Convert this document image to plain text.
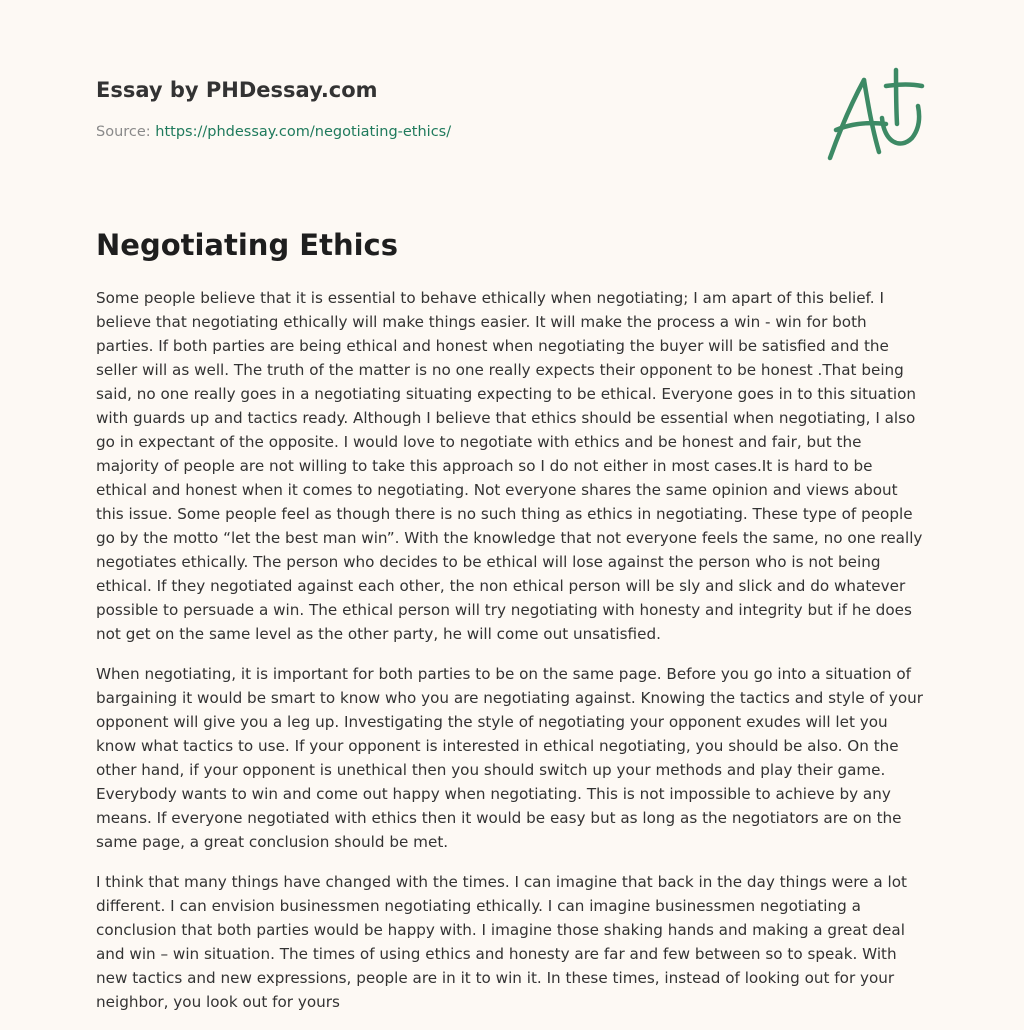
Essay by PHDessay.com
Source: https://phdessay.com/negotiating-ethics/
Negotiating Ethics

Some people believe that it is essential to behave ethically when negotiating; I am apart of this belief. I believe that negotiating ethically will make things easier. It will make the process a win - win for both parties. If both parties are being ethical and honest when negotiating the buyer will be satisfied and the seller will as well. The truth of the matter is no one really expects their opponent to be honest .That being said, no one really goes in a negotiating situating expecting to be ethical. Everyone goes in to this situation with guards up and tactics ready. Although I believe that ethics should be essential when negotiating, I also go in expectant of the opposite. I would love to negotiate with ethics and be honest and fair, but the majority of people are not willing to take this approach so I do not either in most cases.It is hard to be ethical and honest when it comes to negotiating. Not everyone shares the same opinion and views about this issue. Some people feel as though there is no such thing as ethics in negotiating. These type of people go by the motto “let the best man win”. With the knowledge that not everyone feels the same, no one really negotiates ethically. The person who decides to be ethical will lose against the person who is not being ethical. If they negotiated against each other, the non ethical person will be sly and slick and do whatever possible to persuade a win. The ethical person will try negotiating with honesty and integrity but if he does not get on the same level as the other party, he will come out unsatisfied.

When negotiating, it is important for both parties to be on the same page. Before you go into a situation of bargaining it would be smart to know who you are negotiating against. Knowing the tactics and style of your opponent will give you a leg up. Investigating the style of negotiating your opponent exudes will let you know what tactics to use. If your opponent is interested in ethical negotiating, you should be also. On the other hand, if your opponent is unethical then you should switch up your methods and play their game. Everybody wants to win and come out happy when negotiating. This is not impossible to achieve by any means. If everyone negotiated with ethics then it would be easy but as long as the negotiators are on the same page, a great conclusion should be met.

I think that many things have changed with the times. I can imagine that back in the day things were a lot different. I can envision businessmen negotiating ethically. I can imagine businessmen negotiating a conclusion that both parties would be happy with. I imagine those shaking hands and making a great deal and win – win situation. The times of using ethics and honesty are far and few between so to speak. With new tactics and new expressions, people are in it to win it. In these times, instead of looking out for your neighbor, you look out for yours
